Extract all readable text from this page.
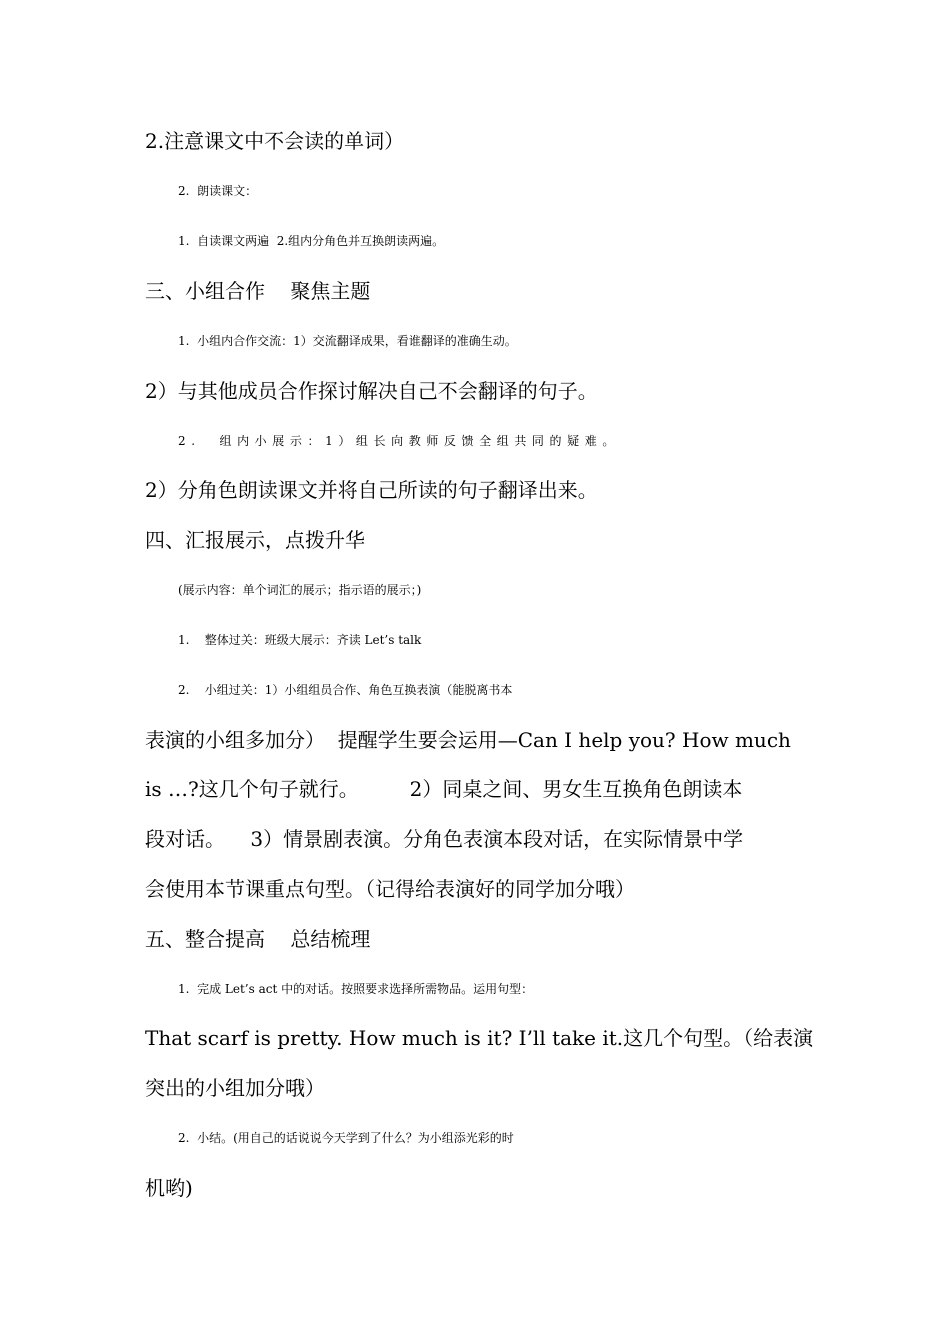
2.注意课文中不会读的单词）
2.  朗读课文：
1.  自读课文两遍  2.组内分角色并互换朗读两遍。
三、小组合作    聚焦主题
1.  小组内合作交流：1）交流翻译成果，看谁翻译的准确生动。
2）与其他成员合作探讨解决自己不会翻译的句子。
2.  组内小展示：1）组长向教师反馈全组共同的疑难。
2）分角色朗读课文并将自己所读的句子翻译出来。
四、汇报展示，点拨升华
(展示内容：单个词汇的展示；指示语的展示；)
1.    整体过关：班级大展示：齐读 Let’s talk
2.    小组过关：1）小组组员合作、角色互换表演（能脱离书本
表演的小组多加分）  提醒学生要会运用—Can I help you? How much
is …?这几个句子就行。        2）同桌之间、男女生互换角色朗读本
段对话。    3）情景剧表演。分角色表演本段对话，在实际情景中学
会使用本节课重点句型。（记得给表演好的同学加分哦）
五、整合提高    总结梳理
1.  完成 Let’s act 中的对话。按照要求选择所需物品。运用句型：
That scarf is pretty. How much is it? I’ll take it.这几个句型。（给表演
突出的小组加分哦）
2.  小结。(用自己的话说说今天学到了什么？为小组添光彩的时
机哟)
